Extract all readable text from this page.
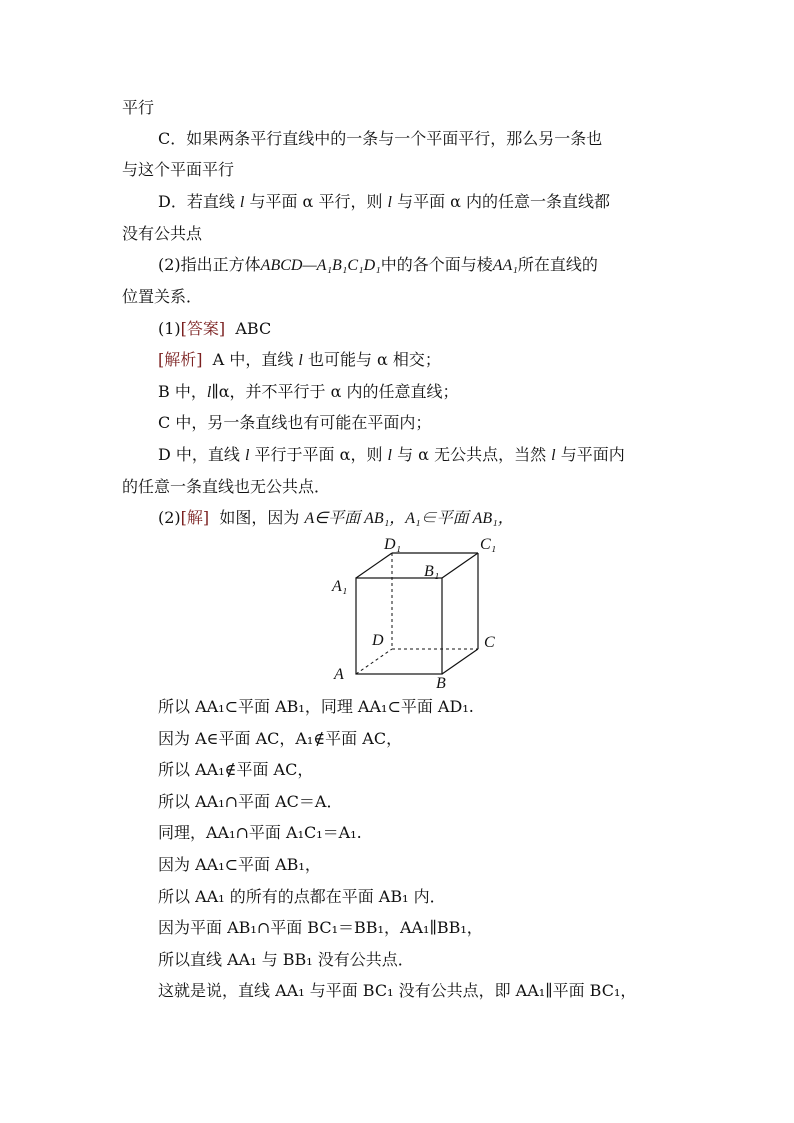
平行
C．如果两条平行直线中的一条与一个平面平行，那么另一条也
与这个平面平行
D．若直线 l 与平面 α 平行，则 l 与平面 α 内的任意一条直线都
没有公共点
(2)指出正方体ABCD—A₁B₁C₁D₁中的各个面与棱AA₁所在直线的
位置关系．
(1)[答案] ABC
[解析] A 中，直线 l 也可能与 α 相交；
B 中，l∥α，并不平行于 α 内的任意直线；
C 中，另一条直线也有可能在平面内；
D 中，直线 l 平行于平面 α，则 l 与 α 无公共点，当然 l 与平面内
的任意一条直线也无公共点．
(2)[解] 如图，因为 A∈平面 AB₁，A₁∈平面 AB₁，
D₁	C₁
A₁
B₁
D	C
A
B
所以 AA₁⊂平面 AB₁，同理 AA₁⊂平面 AD₁.
因为 A∈平面 AC，A₁∉平面 AC，
所以 AA₁∉平面 AC，
所以 AA₁∩平面 AC＝A．
同理，AA₁∩平面 A₁C₁＝A₁.
因为 AA₁⊂平面 AB₁，
所以 AA₁ 的所有的点都在平面 AB₁ 内．
因为平面 AB₁∩平面 BC₁＝BB₁，AA₁∥BB₁，
所以直线 AA₁ 与 BB₁ 没有公共点．
这就是说，直线 AA₁ 与平面 BC₁ 没有公共点，即 AA₁∥平面 BC₁，
